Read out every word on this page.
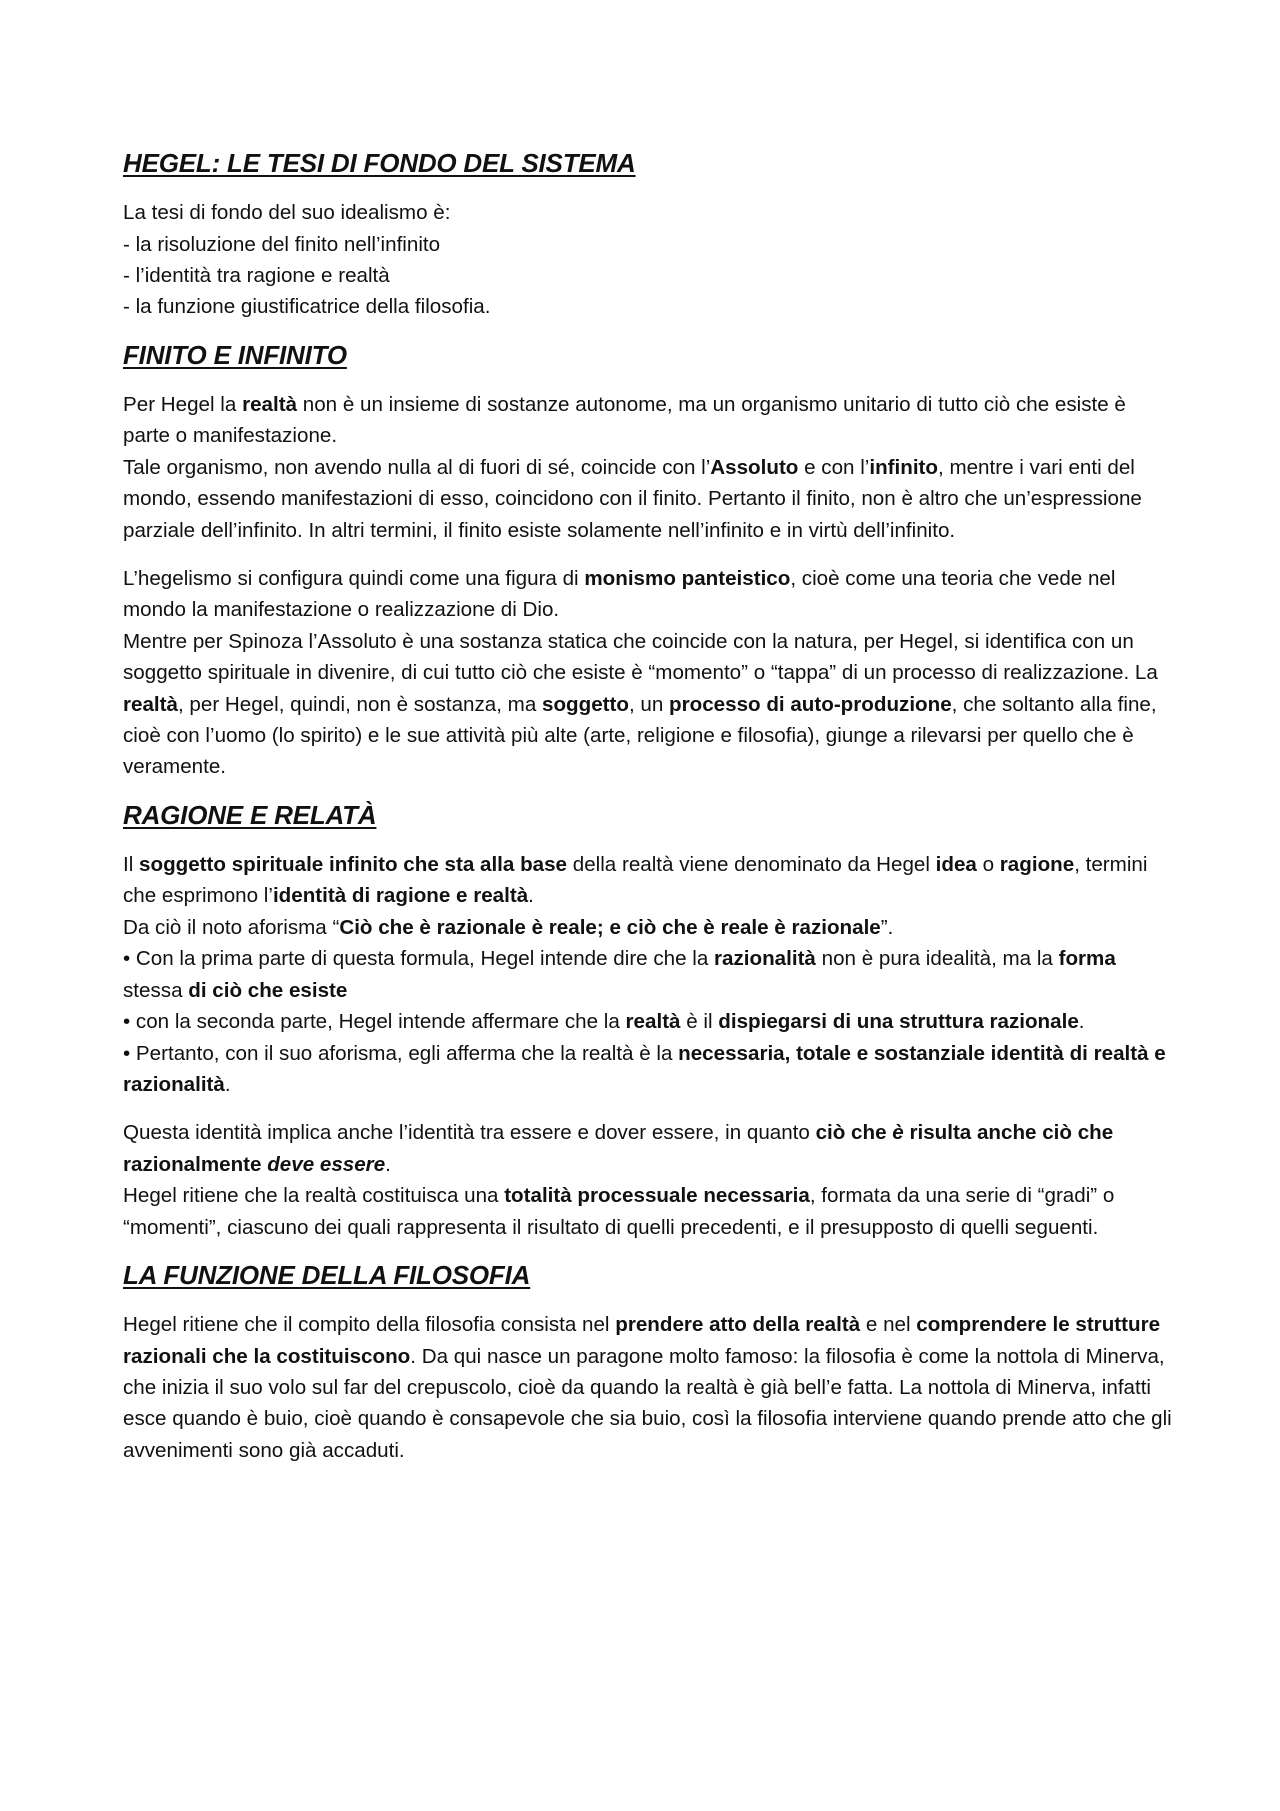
HEGEL: LE TESI DI FONDO DEL SISTEMA

La tesi di fondo del suo idealismo è:

- la risoluzione del finito nell’infinito

- l’identità tra ragione e realtà

- la funzione giustificatrice della filosofia.

FINITO E INFINITO

Per Hegel la realtà non è un insieme di sostanze autonome, ma un organismo unitario di tutto ciò che esiste è parte o manifestazione.

Tale organismo, non avendo nulla al di fuori di sé, coincide con l’Assoluto e con l’infinito, mentre i vari enti del mondo, essendo manifestazioni di esso, coincidono con il finito. Pertanto il finito, non è altro che un’espressione parziale dell’infinito. In altri termini, il finito esiste solamente nell’infinito e in virtù dell’infinito.

L’hegelismo si configura quindi come una figura di monismo panteistico, cioè come una teoria che vede nel mondo la manifestazione o realizzazione di Dio.

Mentre per Spinoza l’Assoluto è una sostanza statica che coincide con la natura, per Hegel, si identifica con un soggetto spirituale in divenire, di cui tutto ciò che esiste è “momento” o “tappa” di un processo di realizzazione. La realtà, per Hegel, quindi, non è sostanza, ma soggetto, un processo di auto-produzione, che soltanto alla fine, cioè con l’uomo (lo spirito) e le sue attività più alte (arte, religione e filosofia), giunge a rilevarsi per quello che è veramente.

RAGIONE E RELATÀ

Il soggetto spirituale infinito che sta alla base della realtà viene denominato da Hegel idea o ragione, termini che esprimono l’identità di ragione e realtà.

Da ciò il noto aforisma “Ciò che è razionale è reale; e ciò che è reale è razionale”.

• Con la prima parte di questa formula, Hegel intende dire che la razionalità non è pura idealità, ma la forma stessa di ciò che esiste

• con la seconda parte, Hegel intende affermare che la realtà è il dispiegarsi di una struttura razionale.

• Pertanto, con il suo aforisma, egli afferma che la realtà è la necessaria, totale e sostanziale identità di realtà e razionalità.

Questa identità implica anche l’identità tra essere e dover essere, in quanto ciò che è risulta anche ciò che razionalmente deve essere.

Hegel ritiene che la realtà costituisca una totalità processuale necessaria, formata da una serie di “gradi” o “momenti”, ciascuno dei quali rappresenta il risultato di quelli precedenti, e il presupposto di quelli seguenti.

LA FUNZIONE DELLA FILOSOFIA

Hegel ritiene che il compito della filosofia consista nel prendere atto della realtà e nel comprendere le strutture razionali che la costituiscono. Da qui nasce un paragone molto famoso: la filosofia è come la nottola di Minerva, che inizia il suo volo sul far del crepuscolo, cioè da quando la realtà è già bell’e fatta. La nottola di Minerva, infatti esce quando è buio, cioè quando è consapevole che sia buio, così la filosofia interviene quando prende atto che gli avvenimenti sono già accaduti.
